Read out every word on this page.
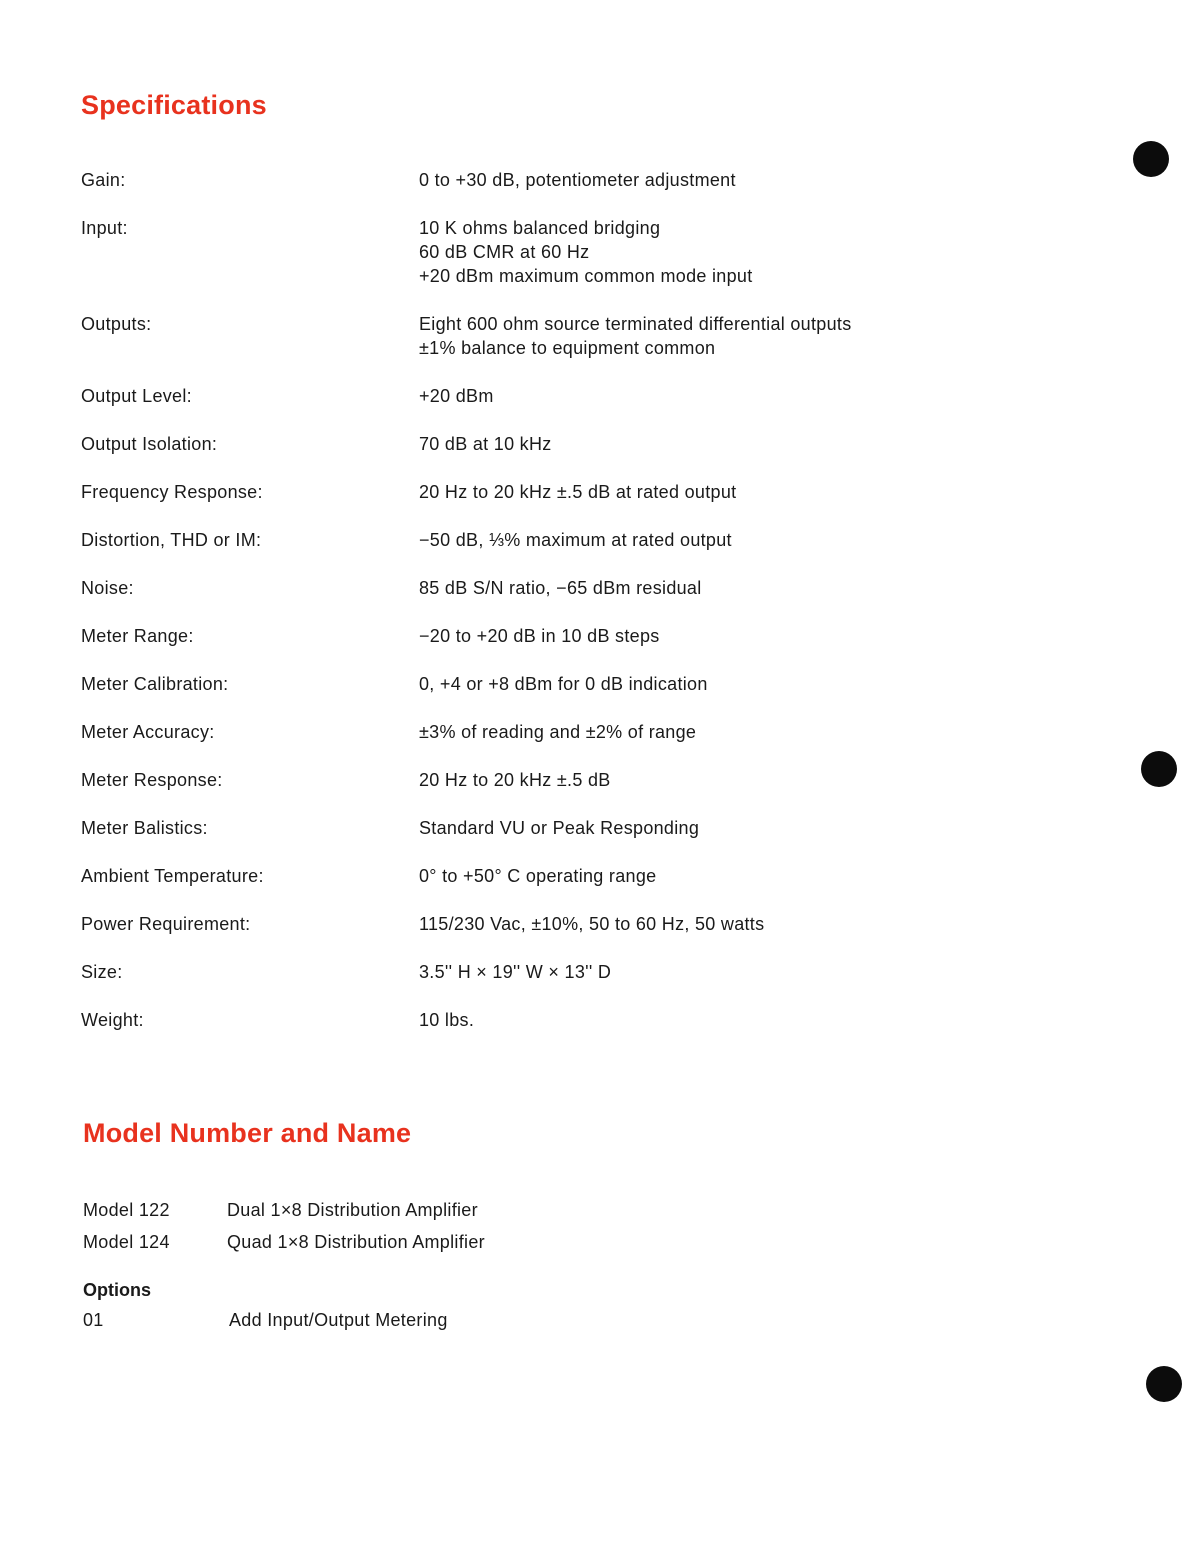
Specifications
Gain:	0 to +30 dB, potentiometer adjustment
Input:	10 K ohms balanced bridging
60 dB CMR at 60 Hz
+20 dBm maximum common mode input
Outputs:	Eight 600 ohm source terminated differential outputs
±1% balance to equipment common
Output Level:	+20 dBm
Output Isolation:	70 dB at 10 kHz
Frequency Response:	20 Hz to 20 kHz ±.5 dB at rated output
Distortion, THD or IM:	−50 dB, ⅓% maximum at rated output
Noise:	85 dB S/N ratio, −65 dBm residual
Meter Range:	−20 to +20 dB in 10 dB steps
Meter Calibration:	0, +4 or +8 dBm for 0 dB indication
Meter Accuracy:	±3% of reading and ±2% of range
Meter Response:	20 Hz to 20 kHz ±.5 dB
Meter Balistics:	Standard VU or Peak Responding
Ambient Temperature:	0° to +50° C operating range
Power Requirement:	115/230 Vac, ±10%, 50 to 60 Hz, 50 watts
Size:	3.5'' H × 19'' W × 13'' D
Weight:	10 lbs.
Model Number and Name
Model 122	Dual 1×8 Distribution Amplifier
Model 124	Quad 1×8 Distribution Amplifier
Options
01	Add Input/Output Metering
